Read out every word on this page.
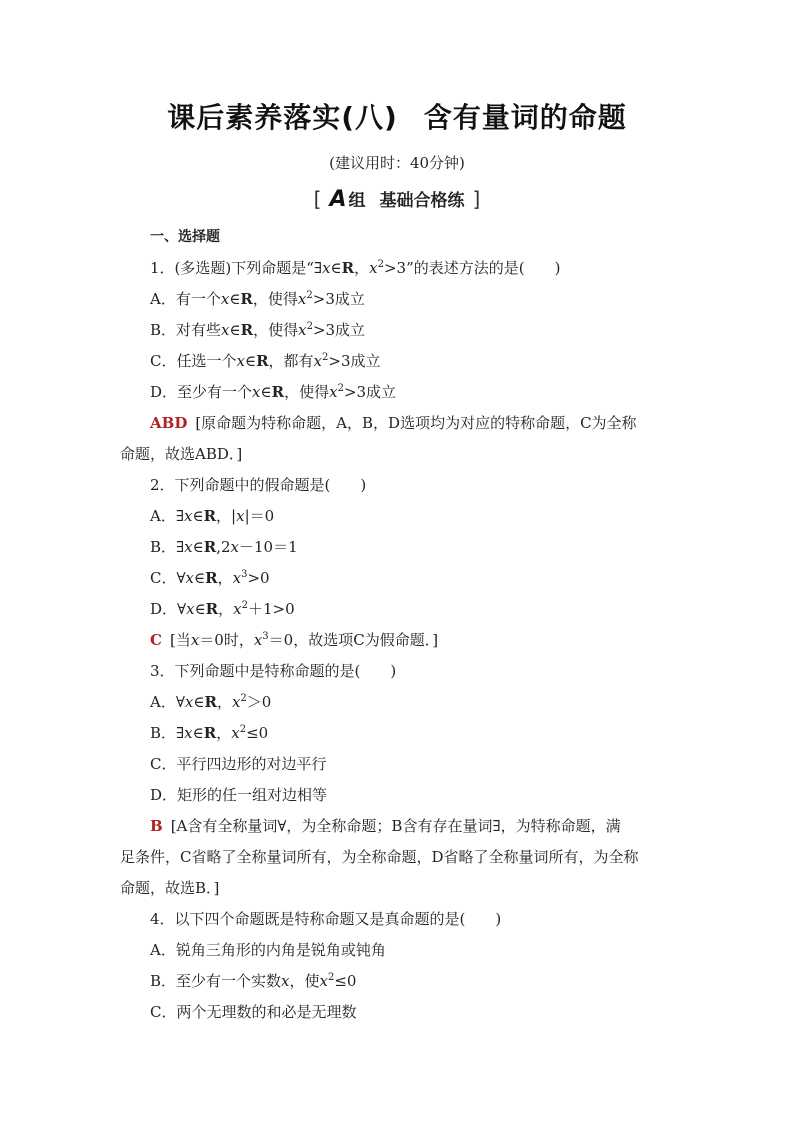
课后素养落实(八) 含有量词的命题
(建议用时：40分钟)
[ A 组 基础合格练 ]
一、选择题
1．(多选题)下列命题是“∃x∈R，$x^2>3$”的表述方法的是(　　)
A．有一个x∈R，使得$x^2>3$成立
B．对有些x∈R，使得$x^2>3$成立
C．任选一个x∈R，都有$x^2>3$成立
D．至少有一个x∈R，使得$x^2>3$成立
ABD [原命题为特称命题，A，B，D选项均为对应的特称命题，C为全称
命题，故选ABD．]
2．下列命题中的假命题是(　　)
A．∃x∈R，|x|＝0
B．∃x∈R,2x－10＝1
C．∀x∈R，$x^3>0$
D．∀x∈R，$x^2+1>0$
C [当x＝0时，$x^3=0$，故选项C为假命题．]
3．下列命题中是特称命题的是(　　)
A．∀x∈R，$x^2>0$
B．∃x∈R，$x^2\le 0$
C．平行四边形的对边平行
D．矩形的任一组对边相等
B [A含有全称量词∀，为全称命题；B含有存在量词∃，为特称命题，满
足条件，C省略了全称量词所有，为全称命题，D省略了全称量词所有，为全称
命题，故选B．]
4．以下四个命题既是特称命题又是真命题的是(　　)
A．锐角三角形的内角是锐角或钝角
B．至少有一个实数x，使$x^2\le 0$
C．两个无理数的和必是无理数
